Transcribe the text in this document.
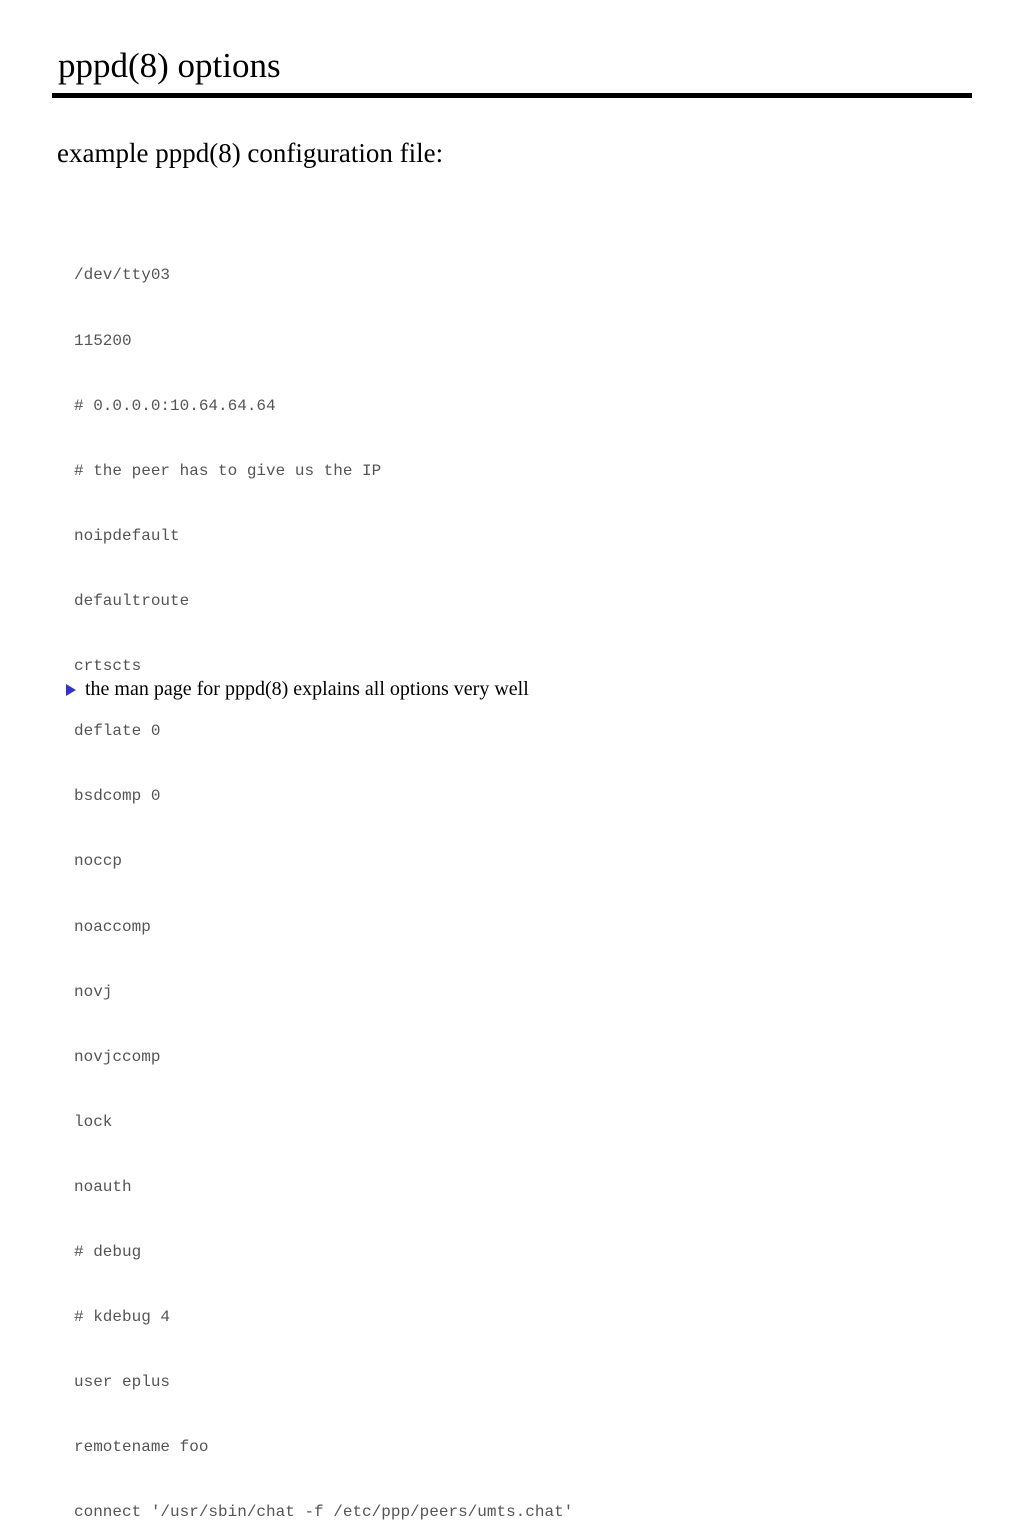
pppd(8) options
example pppd(8) configuration file:

/dev/tty03

115200

# 0.0.0.0:10.64.64.64

# the peer has to give us the IP

noipdefault

defaultroute

crtscts

deflate 0

bsdcomp 0

noccp

noaccomp

novj

novjccomp

lock

noauth

# debug

# kdebug 4

user eplus

remotename foo

connect '/usr/sbin/chat -f /etc/ppp/peers/umts.chat'

the man page for pppd(8) explains all options very well
